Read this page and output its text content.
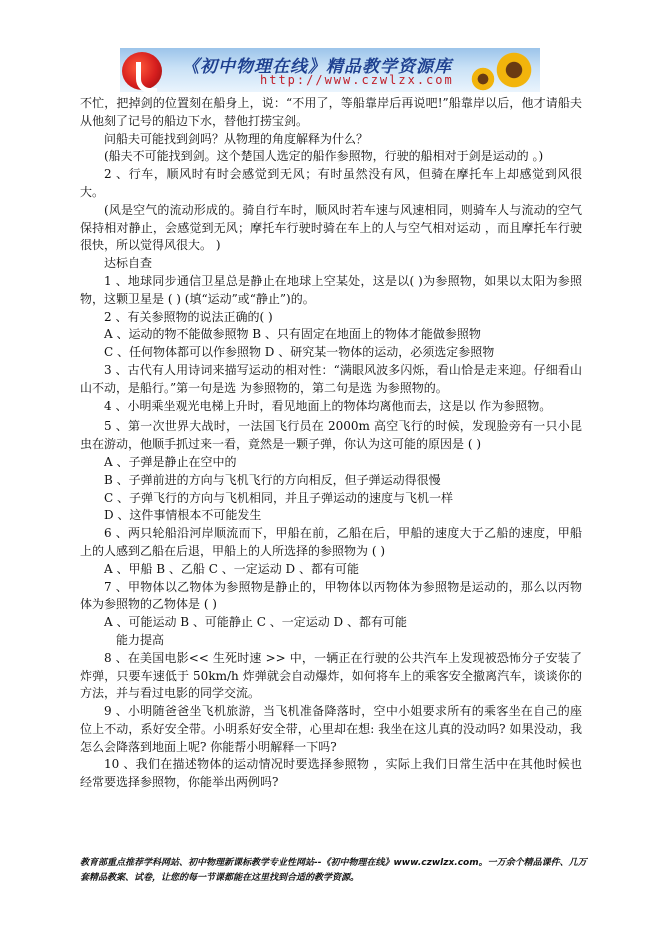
《初中物理在线》精品教学资源库
http://www.czwlzx.com

不忙，把掉剑的位置刻在船身上，说：“不用了，等船靠岸后再说吧!”船靠岸以后，他才请船夫从他刻了记号的船边下水，替他打捞宝剑。

问船夫可能找到剑吗？从物理的角度解释为什么？

(船夫不可能找到剑。这个楚国人选定的船作参照物，行驶的船相对于剑是运动的 。)

2 、行车，顺风时有时会感觉到无风；有时虽然没有风，但骑在摩托车上却感觉到风很大。

(风是空气的流动形成的。骑自行车时，顺风时若车速与风速相同，则骑车人与流动的空气保持相对静止，会感觉到无风；摩托车行驶时骑在车上的人与空气相对运动 ，而且摩托车行驶很快，所以觉得风很大。 )

达标自查

1 、地球同步通信卫星总是静止在地球上空某处，这是以( )为参照物，如果以太阳为参照物，这颗卫星是 ( ) (填“运动”或“静止”)的。

2 、有关参照物的说法正确的( )

A 、运动的物不能做参照物 B 、只有固定在地面上的物体才能做参照物

C 、任何物体都可以作参照物 D 、研究某一物体的运动，必须选定参照物

3 、古代有人用诗词来描写运动的相对性：“满眼风波多闪烁，看山恰是走来迎。仔细看山山不动，是船行。”第一句是选 为参照物的，第二句是选 为参照物的。

4 、小明乘坐观光电梯上升时，看见地面上的物体均离他而去，这是以 作为参照物。

5 、第一次世界大战时，一法国飞行员在 2000m 高空飞行的时候，发现脸旁有一只小昆虫在游动，他顺手抓过来一看，竟然是一颗子弹，你认为这可能的原因是 ( )

A 、子弹是静止在空中的

B 、子弹前进的方向与飞机飞行的方向相反，但子弹运动得很慢

C 、子弹飞行的方向与飞机相同，并且子弹运动的速度与飞机一样

D 、这件事情根本不可能发生

6 、两只轮船沿河岸顺流而下，甲船在前，乙船在后，甲船的速度大于乙船的速度，甲船上的人感到乙船在后退，甲船上的人所选择的参照物为 ( )

A 、甲船 B 、乙船 C 、一定运动 D 、都有可能

7 、甲物体以乙物体为参照物是静止的，甲物体以丙物体为参照物是运动的，那么以丙物体为参照物的乙物体是 ( )

A 、可能运动 B 、可能静止 C 、一定运动 D 、都有可能

能力提高

8 、在美国电影<< 生死时速 >> 中，一辆正在行驶的公共汽车上发现被恐怖分子安装了炸弹，只要车速低于 50km/h 炸弹就会自动爆炸，如何将车上的乘客安全撤离汽车，谈谈你的方法，并与看过电影的同学交流。

9 、小明随爸爸坐飞机旅游，当飞机准备降落时，空中小姐要求所有的乘客坐在自己的座位上不动，系好安全带。小明系好安全带，心里却在想: 我坐在这儿真的没动吗? 如果没动，我怎么会降落到地面上呢? 你能帮小明解释一下吗?

10 、我们在描述物体的运动情况时要选择参照物 ，实际上我们日常生活中在其他时候也经常要选择参照物，你能举出两例吗?

教育部重点推荐学科网站、初中物理新课标教学专业性网站--《初中物理在线》www.czwlzx.com。一万余个精品课件、几万套精品教案、试卷，让您的每一节课都能在这里找到合适的教学资源。
